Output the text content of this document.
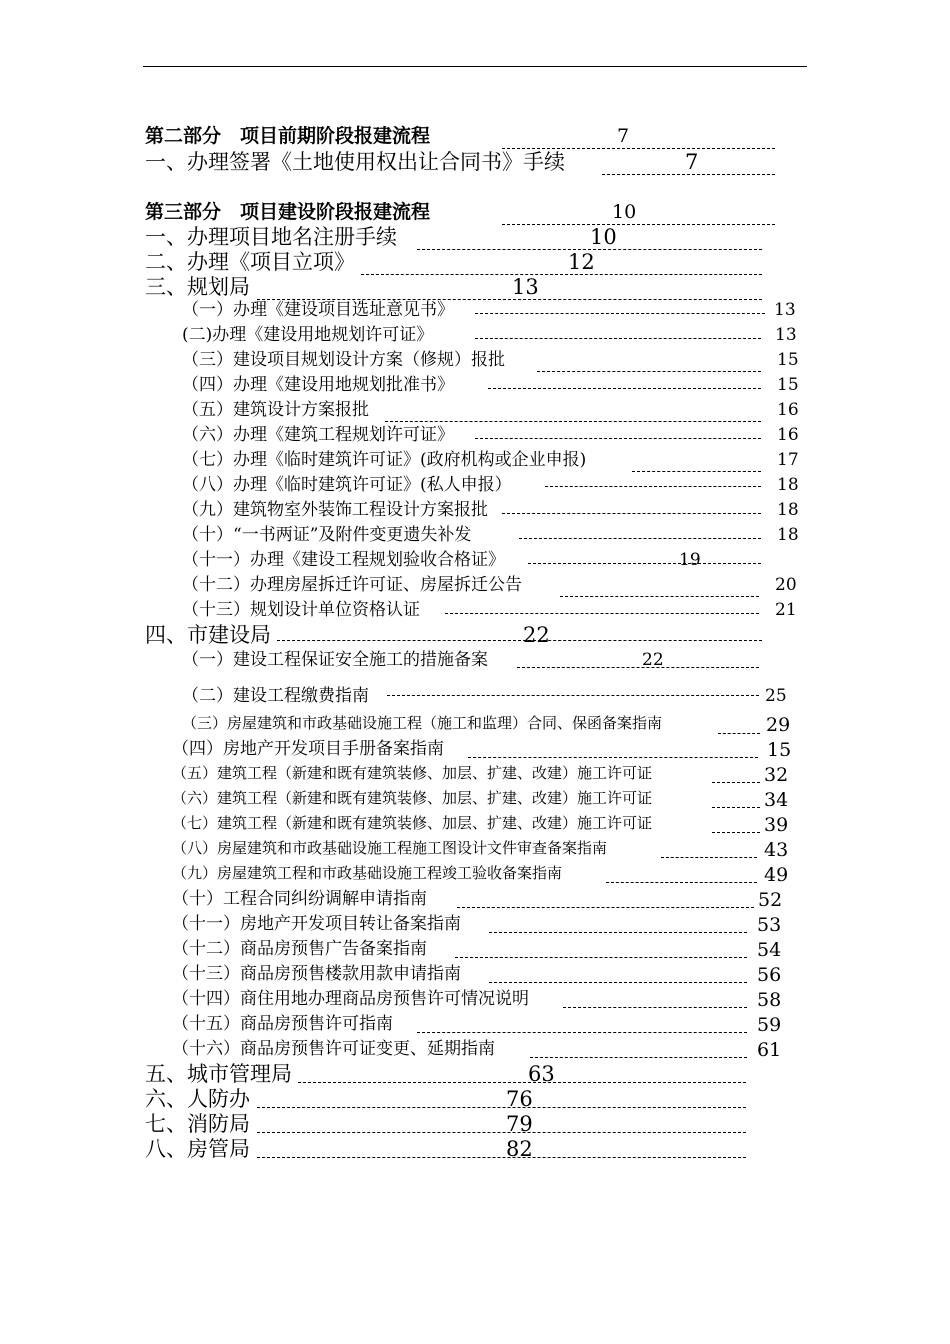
第二部分　项目前期阶段报建流程	7
一、办理签署《土地使用权出让合同书》手续	7
第三部分　项目建设阶段报建流程	10
一、办理项目地名注册手续	10
二、办理《项目立项》	12
三、规划局	13
（一）办理《建设项目选址意见书》	13
(二)办理《建设用地规划许可证》	13
（三）建设项目规划设计方案（修规）报批	15
（四）办理《建设用地规划批准书》	15
（五）建筑设计方案报批	16
（六）办理《建筑工程规划许可证》	16
（七）办理《临时建筑许可证》(政府机构或企业申报)	17
（八）办理《临时建筑许可证》(私人申报）	18
（九）建筑物室外装饰工程设计方案报批	18
（十）“一书两证”及附件变更遗失补发	18
（十一）办理《建设工程规划验收合格证》	19
（十二）办理房屋拆迁许可证、房屋拆迁公告	20
（十三）规划设计单位资格认证	21
四、市建设局	22
（一）建设工程保证安全施工的措施备案	22
（二）建设工程缴费指南	25
（三）房屋建筑和市政基础设施工程（施工和监理）合同、保函备案指南	29
（四）房地产开发项目手册备案指南	15
（五）建筑工程（新建和既有建筑装修、加层、扩建、改建）施工许可证	32
（六）建筑工程（新建和既有建筑装修、加层、扩建、改建）施工许可证	34
（七）建筑工程（新建和既有建筑装修、加层、扩建、改建）施工许可证	39
（八）房屋建筑和市政基础设施工程施工图设计文件审查备案指南	43
（九）房屋建筑工程和市政基础设施工程竣工验收备案指南	49
（十）工程合同纠纷调解申请指南	52
（十一）房地产开发项目转让备案指南	53
（十二）商品房预售广告备案指南	54
（十三）商品房预售楼款用款申请指南	56
（十四）商住用地办理商品房预售许可情况说明	58
（十五）商品房预售许可指南	59
（十六）商品房预售许可证变更、延期指南	61
五、城市管理局	63
六、人防办	76
七、消防局	79
八、房管局	82
